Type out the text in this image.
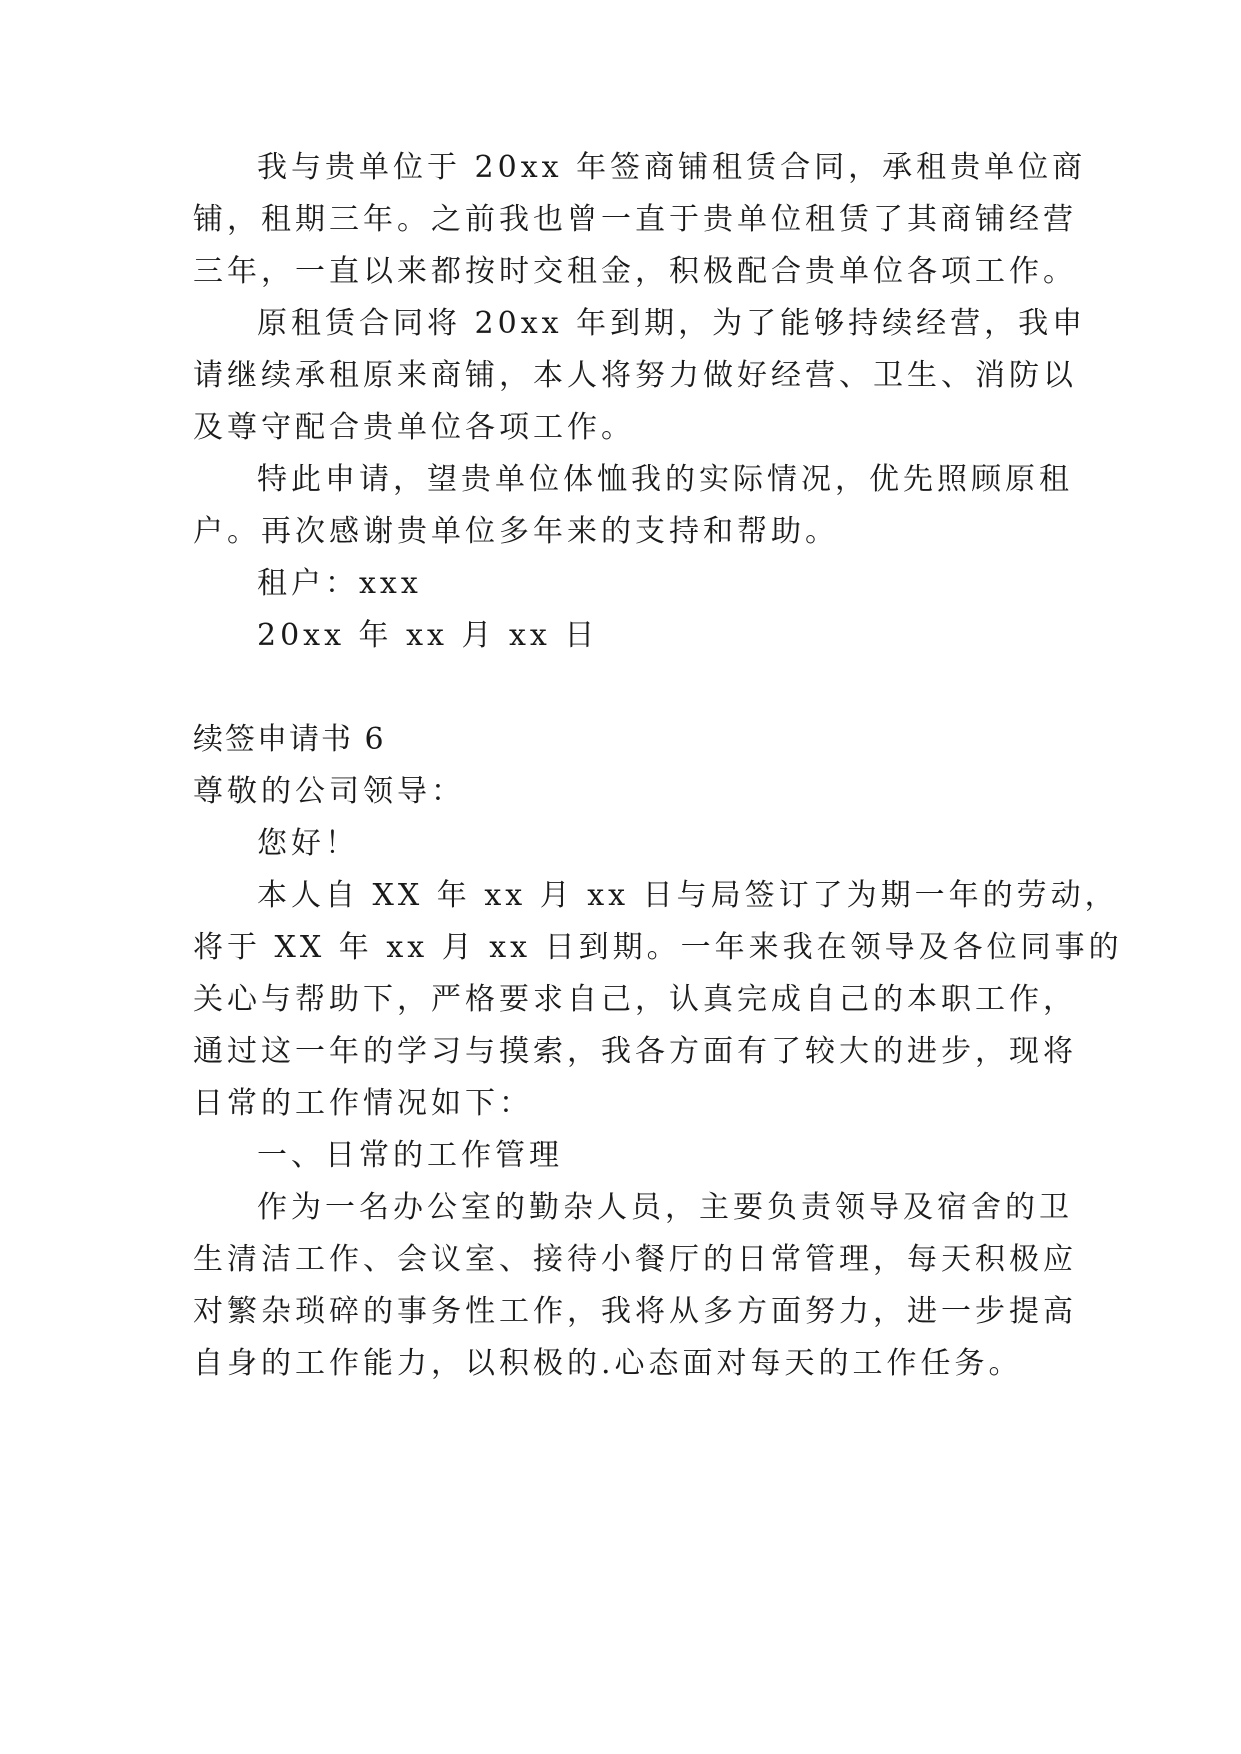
我与贵单位于 20xx 年签商铺租赁合同，承租贵单位商
铺，租期三年。之前我也曾一直于贵单位租赁了其商铺经营
三年，一直以来都按时交租金，积极配合贵单位各项工作。
原租赁合同将 20xx 年到期，为了能够持续经营，我申
请继续承租原来商铺，本人将努力做好经营、卫生、消防以
及尊守配合贵单位各项工作。
特此申请，望贵单位体恤我的实际情况，优先照顾原租
户。再次感谢贵单位多年来的支持和帮助。
租户：xxx
20xx 年 xx 月 xx 日
续签申请书 6
尊敬的公司领导：
您好！
本人自 XX 年 xx 月 xx 日与局签订了为期一年的劳动，
将于 XX 年 xx 月 xx 日到期。一年来我在领导及各位同事的
关心与帮助下，严格要求自己，认真完成自己的本职工作，
通过这一年的学习与摸索，我各方面有了较大的进步，现将
日常的工作情况如下：
一、日常的工作管理
作为一名办公室的勤杂人员，主要负责领导及宿舍的卫
生清洁工作、会议室、接待小餐厅的日常管理，每天积极应
对繁杂琐碎的事务性工作，我将从多方面努力，进一步提高
自身的工作能力，以积极的.心态面对每天的工作任务。
